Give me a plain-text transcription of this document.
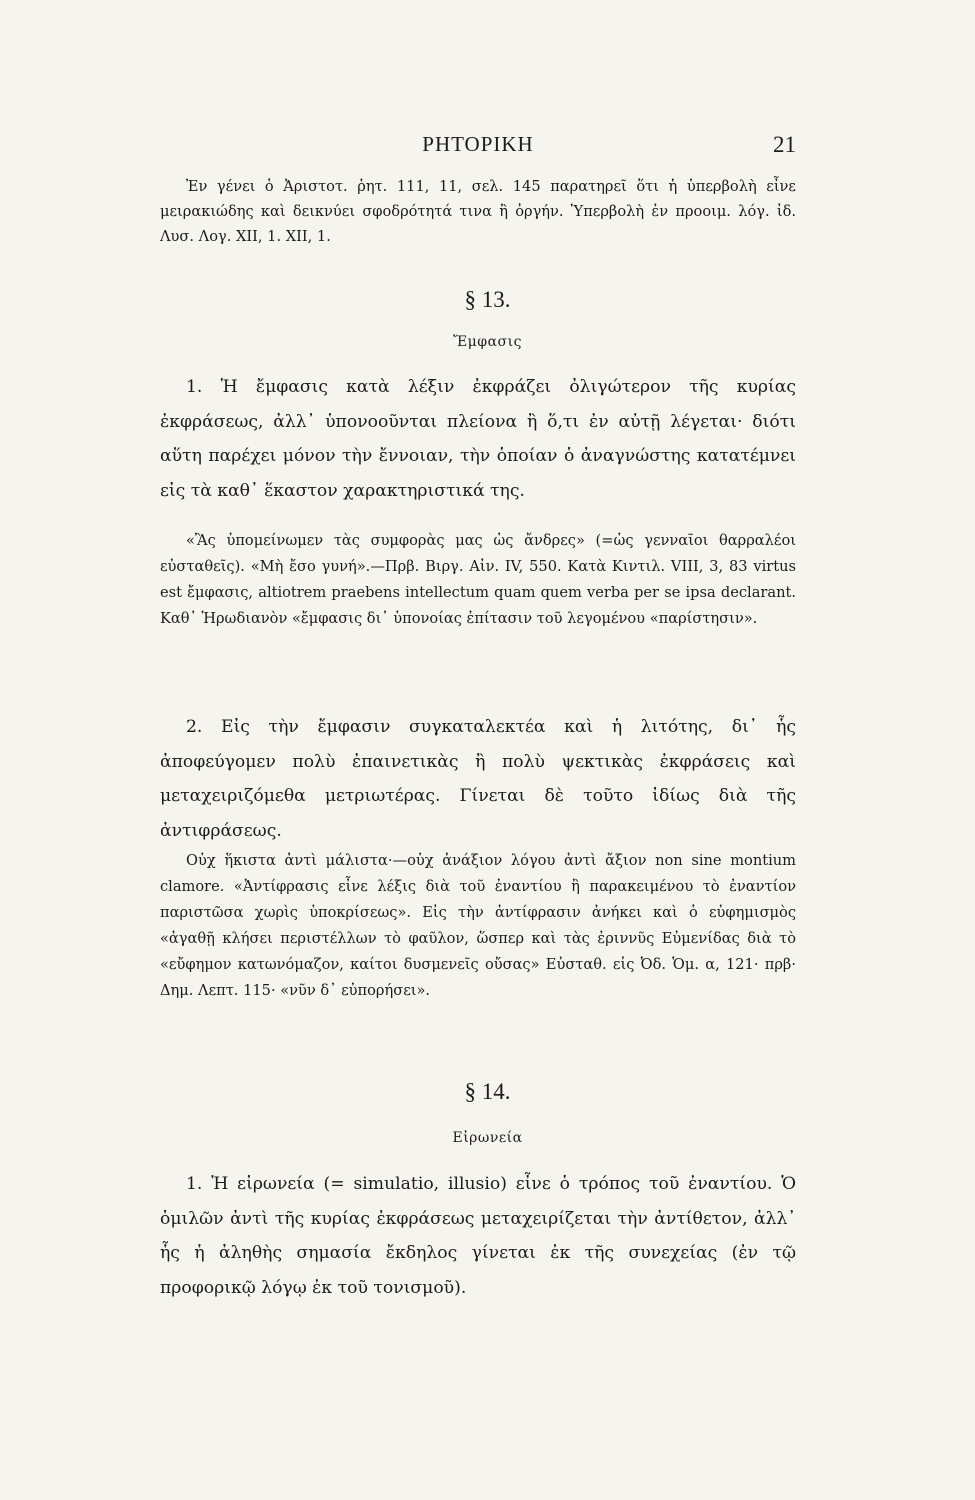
ΡΗΤΟΡΙΚΗ	21

Ἐν γένει ὁ Ἀριστοτ. ῥητ. 111, 11, σελ. 145 παρατηρεῖ ὅτι ἡ ὑπερβολὴ εἶνε μειρακιώδης καὶ δεικνύει σφοδρότητά τινα ἢ ὀργήν. Ὑπερβολὴ ἐν προοιμ. λόγ. ἰδ. Λυσ. Λογ. XII, 1. XII, 1.

§ 13.
Ἔμφασις

1. Ἡ ἔμφασις κατὰ λέξιν ἐκφράζει ὀλιγώτερον τῆς κυρίας ἐκφράσεως, ἀλλ᾽ ὑπονοοῦνται πλείονα ἢ ὅ,τι ἐν αὐτῇ λέγεται· διότι αὕτη παρέχει μόνον τὴν ἔννοιαν, τὴν ὁποίαν ὁ ἀναγνώστης κατατέμνει εἰς τὰ καθ᾽ ἕκαστον χαρακτηριστικά της.

«Ἂς ὑπομείνωμεν τὰς συμφορὰς μας ὡς ἄνδρες» (=ὡς γενναῖοι θαρραλέοι εὐσταθεῖς). «Μὴ ἔσο γυνή».—Πρβ. Βιργ. Αἰν. IV, 550. Κατὰ Κιντιλ. VIII, 3, 83 virtus est ἔμφασις, altiotrem praebens intellectum quam quem verba per se ipsa declarant. Καθ᾽ Ἡρωδιανὸν «ἔμφασις δι᾽ ὑπονοίας ἐπίτασιν τοῦ λεγομένου «παρίστησιν».

2. Εἰς τὴν ἔμφασιν συγκαταλεκτέα καὶ ἡ λιτότης, δι᾽ ἧς ἀποφεύγομεν πολὺ ἐπαινετικὰς ἢ πολὺ ψεκτικὰς ἐκφράσεις καὶ μεταχειριζόμεθα μετριωτέρας. Γίνεται δὲ τοῦτο ἰδίως διὰ τῆς ἀντιφράσεως.

Οὐχ ἥκιστα ἀντὶ μάλιστα·—οὐχ ἀνάξιον λόγου ἀντὶ ἄξιον non sine montium clamore. «Ἀντίφρασις εἶνε λέξις διὰ τοῦ ἐναντίου ἢ παρακειμένου τὸ ἐναντίον παριστῶσα χωρὶς ὑποκρίσεως». Εἰς τὴν ἀντίφρασιν ἀνήκει καὶ ὁ εὐφημισμὸς «ἀγαθῇ κλήσει περιστέλλων τὸ φαῦλον, ὥσπερ καὶ τὰς ἐριννῦς Εὐμενίδας διὰ τὸ «εὔφημον κατωνόμαζον, καίτοι δυσμενεῖς οὔσας» Εὐσταθ. εἰς Ὀδ. Ὁμ. α, 121· πρβ· Δημ. Λεπτ. 115· «νῦν δ᾽ εὐπορήσει».

§ 14.
Εἰρωνεία

1. Ἡ εἰρωνεία (= simulatio, illusio) εἶνε ὁ τρόπος τοῦ ἐναντίου. Ὁ ὁμιλῶν ἀντὶ τῆς κυρίας ἐκφράσεως μεταχειρίζεται τὴν ἀντίθετον, ἀλλ᾽ ἧς ἡ ἀληθὴς σημασία ἔκδηλος γίνεται ἐκ τῆς συνεχείας (ἐν τῷ προφορικῷ λόγῳ ἐκ τοῦ τονισμοῦ).
